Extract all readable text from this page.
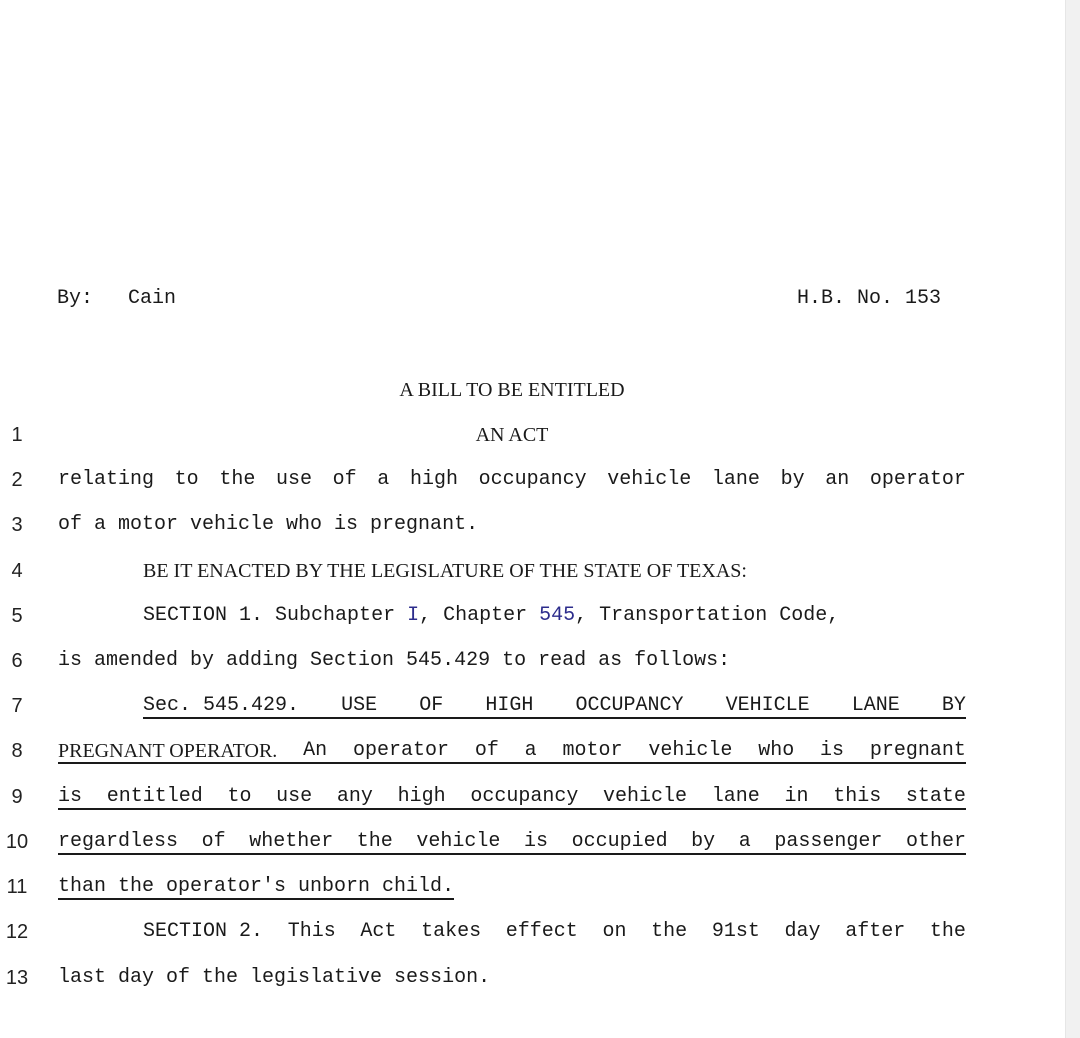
By: Cain	H.B. No. 153
A BILL TO BE ENTITLED
AN ACT
1
2
3
4
5
6
7
8
9
10
11
12
13
relating to the use of a high occupancy vehicle lane by an operator
of a motor vehicle who is pregnant.
BE IT ENACTED BY THE LEGISLATURE OF THE STATE OF TEXAS:
SECTION 1. Subchapter I, Chapter 545, Transportation Code,
is amended by adding Section 545.429 to read as follows:
Sec. 545.429. USE OF HIGH OCCUPANCY VEHICLE LANE BY
PREGNANT OPERATOR. An operator of a motor vehicle who is pregnant
is entitled to use any high occupancy vehicle lane in this state
regardless of whether the vehicle is occupied by a passenger other
than the operator's unborn child.
SECTION 2. This Act takes effect on the 91st day after the
last day of the legislative session.
